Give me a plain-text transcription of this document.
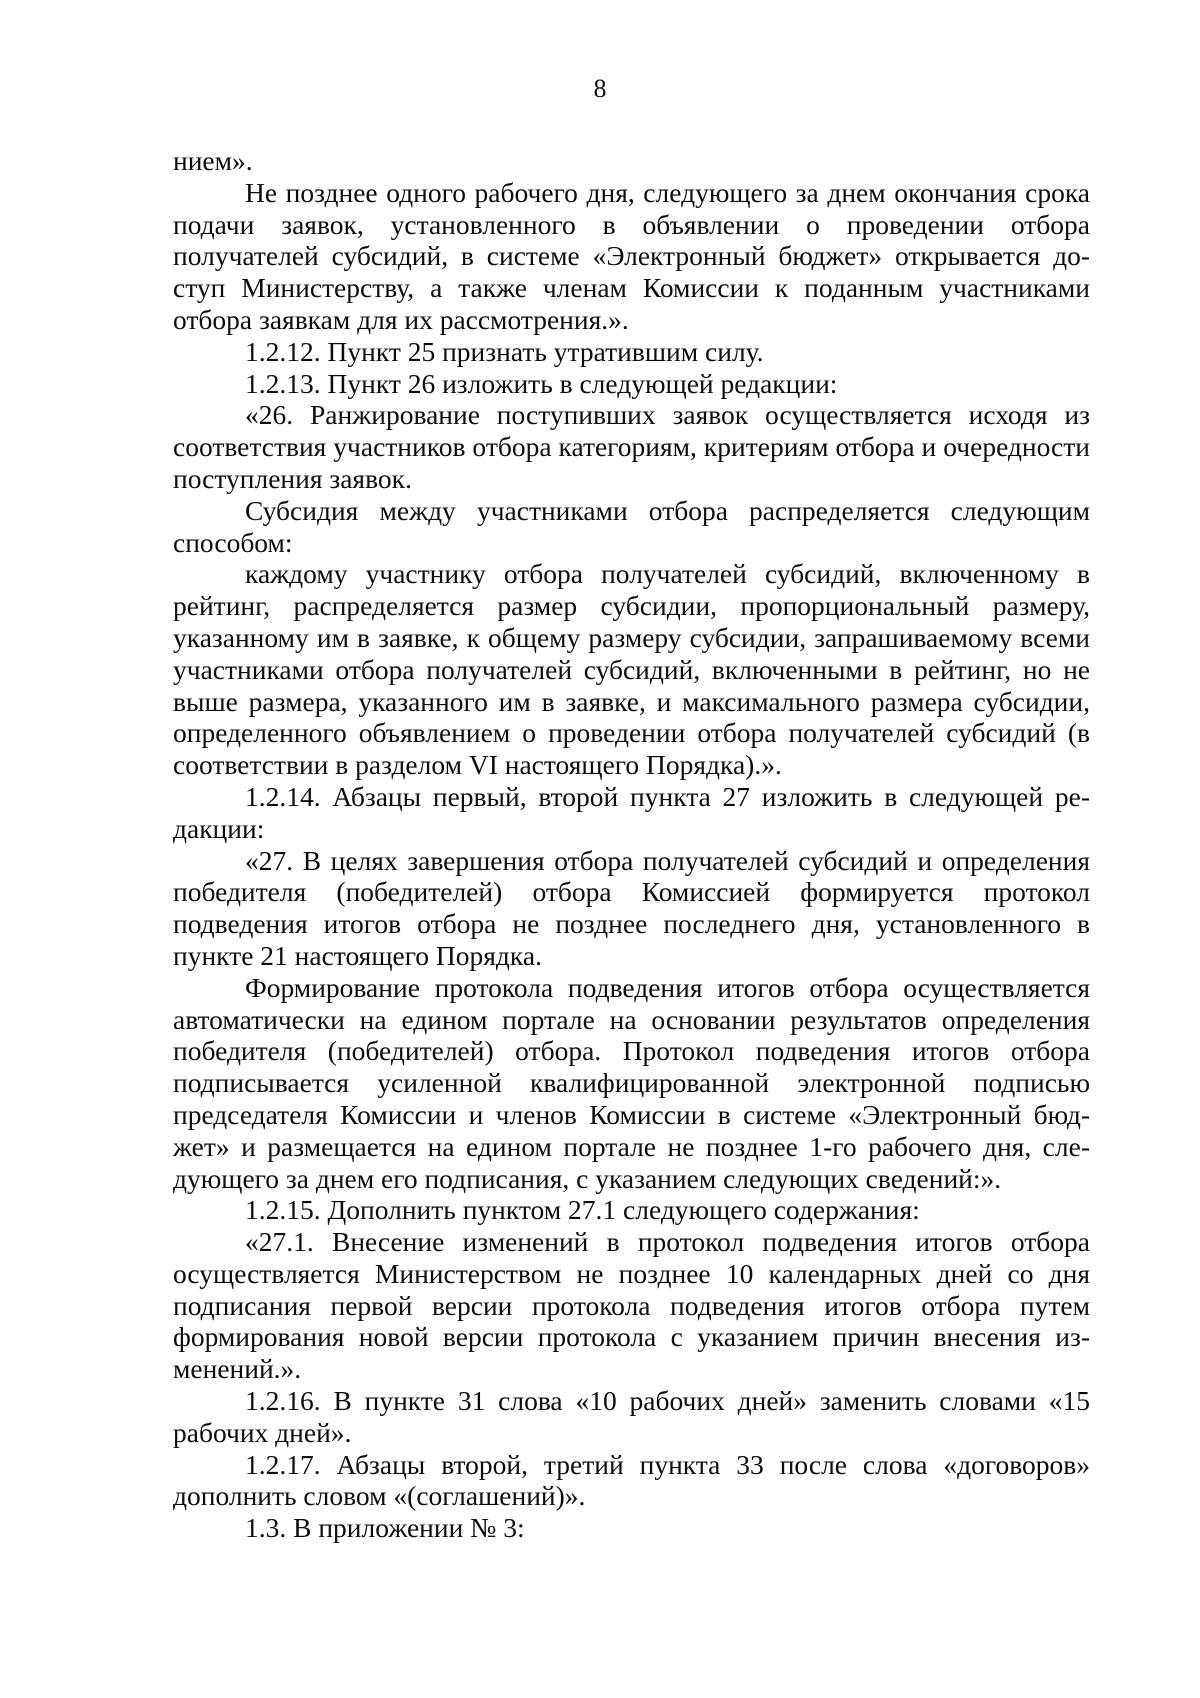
8

нием».

Не позднее одного рабочего дня, следующего за днем окончания срока подачи заявок, установленного в объявлении о проведении отбора получателей субсидий, в системе «Электронный бюджет» открывается доступ Министерству, а также членам Комиссии к поданным участниками отбора заявкам для их рассмотрения.».

1.2.12. Пункт 25 признать утратившим силу.

1.2.13. Пункт 26 изложить в следующей редакции:

«26. Ранжирование поступивших заявок осуществляется исходя из соответствия участников отбора категориям, критериям отбора и очередности поступления заявок.

Субсидия между участниками отбора распределяется следующим способом:

каждому участнику отбора получателей субсидий, включенному в рейтинг, распределяется размер субсидии, пропорциональный размеру, указанному им в заявке, к общему размеру субсидии, запрашиваемому всеми участниками отбора получателей субсидий, включенными в рейтинг, но не выше размера, указанного им в заявке, и максимального размера субсидии, определенного объявлением о проведении отбора получателей субсидий (в соответствии в разделом VI настоящего Порядка).».

1.2.14. Абзацы первый, второй пункта 27 изложить в следующей редакции:

«27. В целях завершения отбора получателей субсидий и определения победителя (победителей) отбора Комиссией формируется протокол подведения итогов отбора не позднее последнего дня, установленного в пункте 21 настоящего Порядка.

Формирование протокола подведения итогов отбора осуществляется автоматически на едином портале на основании результатов определения победителя (победителей) отбора. Протокол подведения итогов отбора подписывается усиленной квалифицированной электронной подписью председателя Комиссии и членов Комиссии в системе «Электронный бюджет» и размещается на едином портале не позднее 1-го рабочего дня, следующего за днем его подписания, с указанием следующих сведений:».

1.2.15. Дополнить пунктом 27.1 следующего содержания:

«27.1. Внесение изменений в протокол подведения итогов отбора осуществляется Министерством не позднее 10 календарных дней со дня подписания первой версии протокола подведения итогов отбора путем формирования новой версии протокола с указанием причин внесения изменений.».

1.2.16. В пункте 31 слова «10 рабочих дней» заменить словами «15 рабочих дней».

1.2.17. Абзацы второй, третий пункта 33 после слова «договоров» дополнить словом «(соглашений)».

1.3. В приложении № 3:
